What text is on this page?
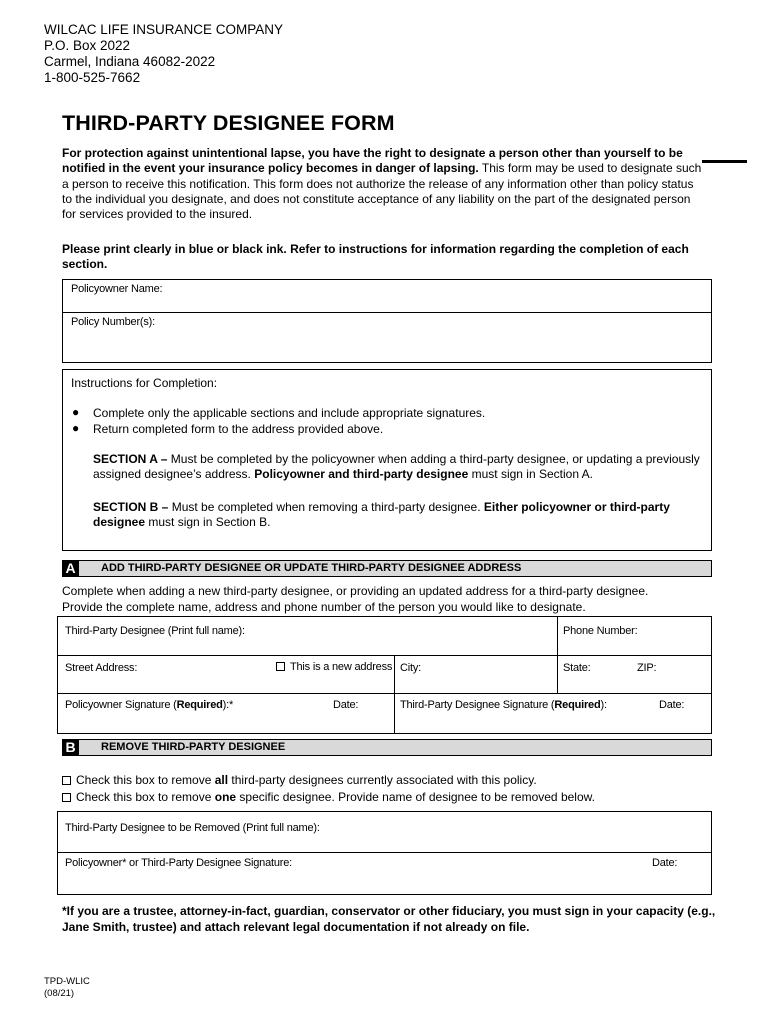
WILCAC LIFE INSURANCE COMPANY
P.O. Box 2022
Carmel, Indiana 46082-2022
1-800-525-7662
THIRD-PARTY DESIGNEE FORM
For protection against unintentional lapse, you have the right to designate a person other than yourself to be notified in the event your insurance policy becomes in danger of lapsing. This form may be used to designate such a person to receive this notification. This form does not authorize the release of any information other than policy status to the individual you designate, and does not constitute acceptance of any liability on the part of the designated person for services provided to the insured.
Please print clearly in blue or black ink. Refer to instructions for information regarding the completion of each section.
Policyowner Name:
Policy Number(s):
Instructions for Completion:
● Complete only the applicable sections and include appropriate signatures.
● Return completed form to the address provided above.
SECTION A – Must be completed by the policyowner when adding a third-party designee, or updating a previously assigned designee’s address. Policyowner and third-party designee must sign in Section A.
SECTION B – Must be completed when removing a third-party designee. Either policyowner or third-party designee must sign in Section B.
A	ADD THIRD-PARTY DESIGNEE OR UPDATE THIRD-PARTY DESIGNEE ADDRESS
Complete when adding a new third-party designee, or providing an updated address for a third-party designee.
Provide the complete name, address and phone number of the person you would like to designate.
Third-Party Designee (Print full name):	Phone Number:
Street Address:	This is a new address City:	State:	ZIP:
Policyowner Signature (Required):*	Date:	Third-Party Designee Signature (Required):	Date:
B	REMOVE THIRD-PARTY DESIGNEE
Check this box to remove all third-party designees currently associated with this policy.
Check this box to remove one specific designee. Provide name of designee to be removed below.
Third-Party Designee to be Removed (Print full name):
Policyowner* or Third-Party Designee Signature:	Date:
*If you are a trustee, attorney-in-fact, guardian, conservator or other fiduciary, you must sign in your capacity (e.g., Jane Smith, trustee) and attach relevant legal documentation if not already on file.
TPD-WLIC
(08/21)
